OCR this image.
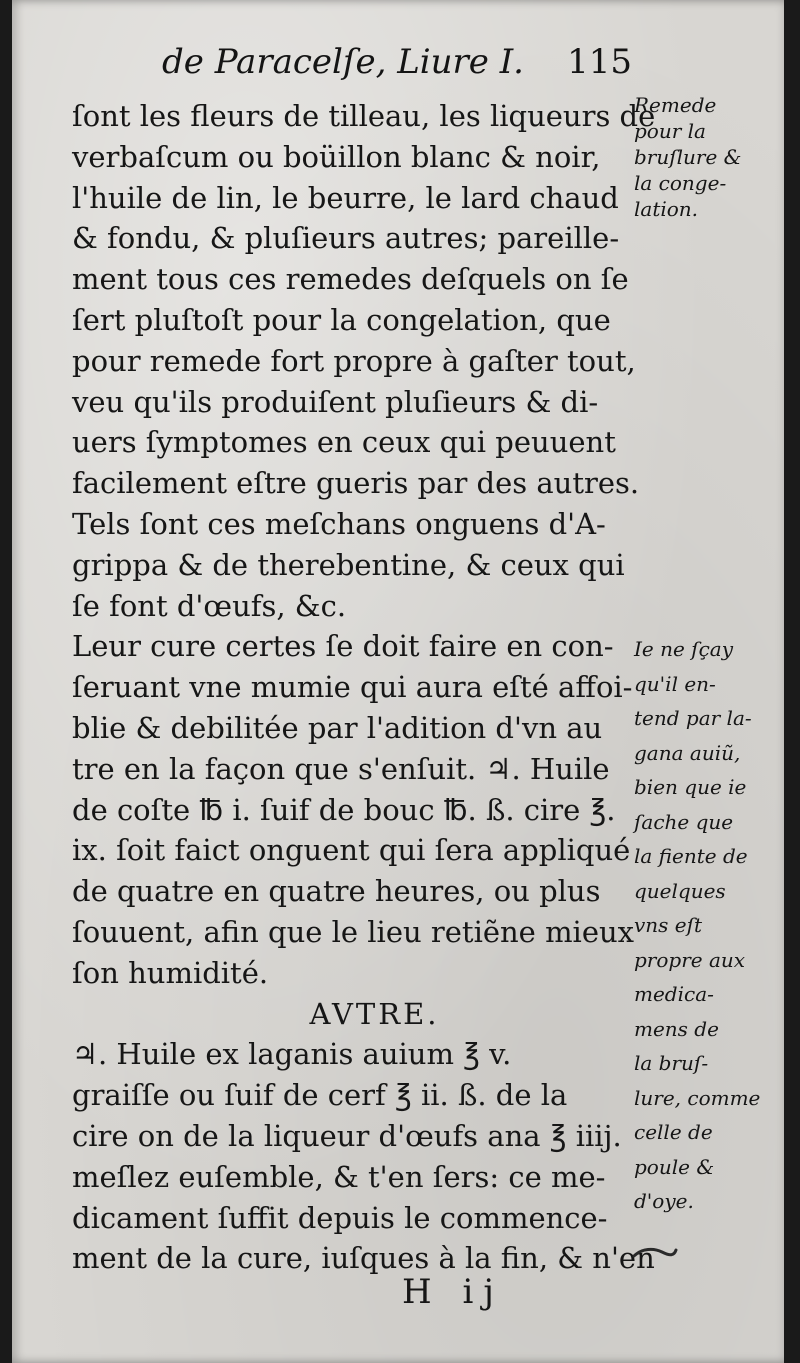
de Paracelſe, Liure I. 115
ſont les fleurs de tilleau, les liqueurs de
verbaſcum ou boüillon blanc & noir,
l'huile de lin, le beurre, le lard chaud
& fondu, & pluſieurs autres; pareille-
ment tous ces remedes deſquels on ſe
ſert pluſtoſt pour la congelation, que
pour remede fort propre à gaſter tout,
veu qu'ils produiſent pluſieurs & di-
uers ſymptomes en ceux qui peuuent
facilement eſtre gueris par des autres.
Tels ſont ces meſchans onguens d'A-
grippa & de therebentine, & ceux qui
ſe font d'œufs, &c.
Leur cure certes ſe doit faire en con-
ſeruant vne mumie qui aura eſté affoi-
blie & debilitée par l'adition d'vn au
tre en la façon que s'enſuit. ♃. Huile
de coſte ℔ i. ſuif de bouc ℔. ß. cire ℥.
ix. ſoit faict onguent qui ſera appliqué
de quatre en quatre heures, ou plus
ſouuent, afin que le lieu retiẽne mieux
ſon humidité.
AVTRE.
♃. Huile ex laganis auium ℥ v.
graiſſe ou ſuif de cerf ℥ ii. ß. de la
cire on de la liqueur d'œufs ana ℥ iiij.
meſlez euſemble, & t'en ſers: ce me-
dicament ſuffit depuis le commence-
ment de la cure, iuſques à la fin, & n'en
Remede
pour la
bruſlure &
la conge-
lation.
Ie ne ſçay
qu'il en-
tend par la-
gana auiũ,
bien que ie
ſache que
la fiente de
quelques
vns eſt
propre aux
medica-
mens de
la bruſ-
lure, comme
celle de
poule &
d'oye.
H ij
